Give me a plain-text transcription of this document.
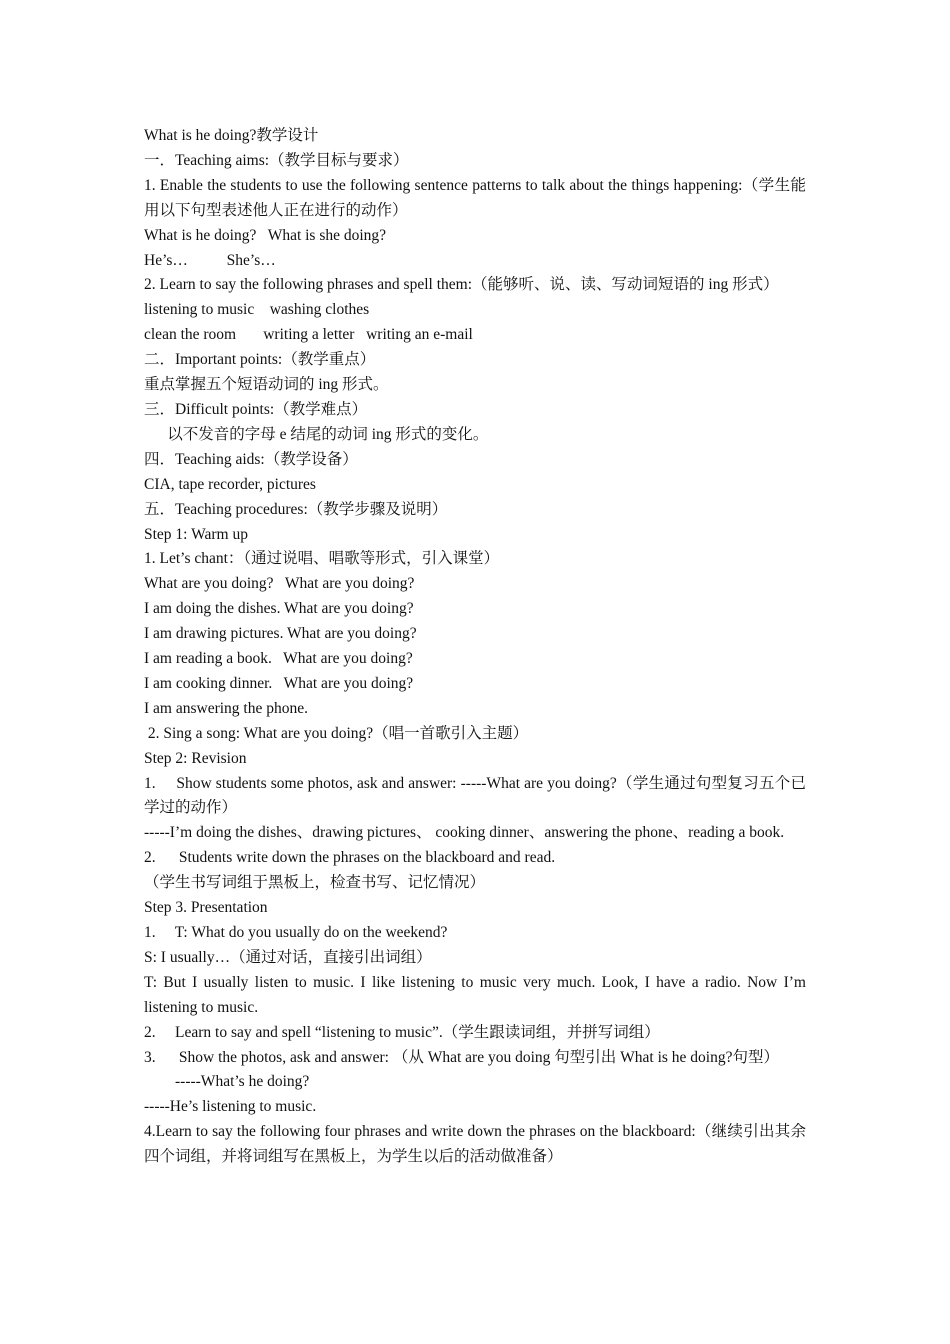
What is he doing?教学设计

一．Teaching aims:（教学目标与要求）

1. Enable the students to use the following sentence patterns to talk about the things happening:（学生能用以下句型表述他人正在进行的动作）

What is he doing?   What is she doing?

He’s…          She’s…

2. Learn to say the following phrases and spell them:（能够听、说、读、写动词短语的 ing 形式）

listening to music    washing clothes

clean the room       writing a letter   writing an e-mail

二．Important points:（教学重点）

重点掌握五个短语动词的 ing 形式。

三．Difficult points:（教学难点）

以不发音的字母 e 结尾的动词 ing 形式的变化。

四．Teaching aids:（教学设备）

CIA, tape recorder, pictures

五．Teaching procedures:（教学步骤及说明）

Step 1: Warm up

1. Let’s chant：（通过说唱、唱歌等形式，引入课堂）

What are you doing?   What are you doing?

I am doing the dishes. What are you doing?

I am drawing pictures. What are you doing?

I am reading a book.   What are you doing?

I am cooking dinner.   What are you doing?

I am answering the phone.

2. Sing a song: What are you doing?（唱一首歌引入主题）

Step 2: Revision

1.     Show students some photos, ask and answer: -----What are you doing?（学生通过句型复习五个已学过的动作）

-----I’m doing the dishes、drawing pictures、 cooking dinner、answering the phone、reading a book.

2.      Students write down the phrases on the blackboard and read.

（学生书写词组于黑板上，检查书写、记忆情况）

Step 3. Presentation

1.     T: What do you usually do on the weekend?

S: I usually…（通过对话，直接引出词组）

T: But I usually listen to music. I like listening to music very much. Look, I have a radio. Now I’m listening to music.

2.     Learn to say and spell “listening to music”.（学生跟读词组，并拼写词组）

3.      Show the photos, ask and answer: （从 What are you doing 句型引出 What is he doing?句型）

-----What’s he doing?

-----He’s listening to music.

4.Learn to say the following four phrases and write down the phrases on the blackboard:（继续引出其余四个词组，并将词组写在黑板上，为学生以后的活动做准备）
